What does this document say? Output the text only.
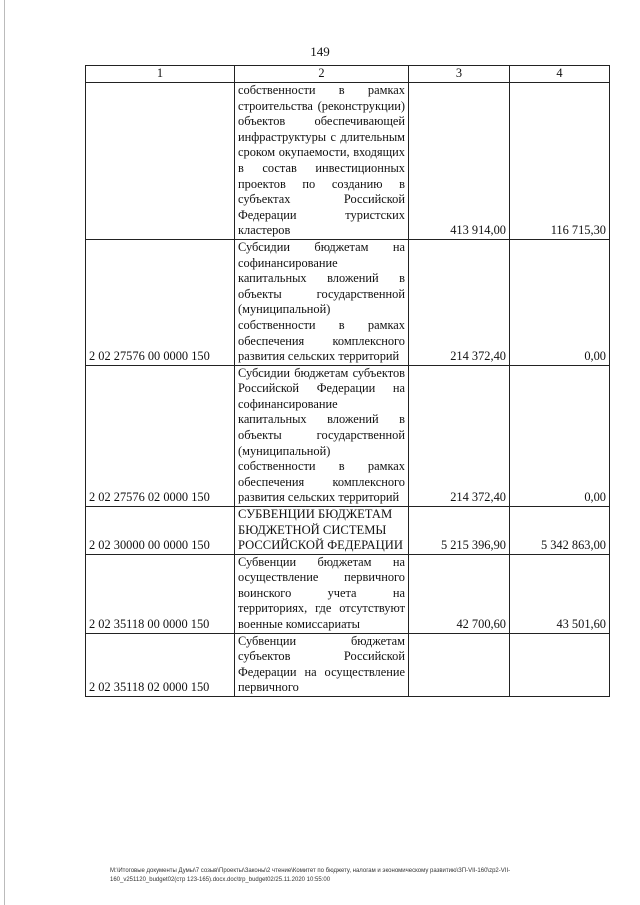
149
1	2	3	4
	собственности в рамках строительства (реконструкции) объектов обеспечивающей инфраструктуры с длительным сроком окупаемости, входящих в состав инвестиционных проектов по созданию в субъектах Российской Федерации туристских кластеров	413 914,00	116 715,30
2 02 27576 00 0000 150	Субсидии бюджетам на софинансирование капитальных вложений в объекты государственной (муниципальной) собственности в рамках обеспечения комплексного развития сельских территорий	214 372,40	0,00
2 02 27576 02 0000 150	Субсидии бюджетам субъектов Российской Федерации на софинансирование капитальных вложений в объекты государственной (муниципальной) собственности в рамках обеспечения комплексного развития сельских территорий	214 372,40	0,00
2 02 30000 00 0000 150	СУБВЕНЦИИ БЮДЖЕТАМ БЮДЖЕТНОЙ СИСТЕМЫ РОССИЙСКОЙ ФЕДЕРАЦИИ	5 215 396,90	5 342 863,00
2 02 35118 00 0000 150	Субвенции бюджетам на осуществление первичного воинского учета на территориях, где отсутствуют военные комиссариаты	42 700,60	43 501,60
2 02 35118 02 0000 150	Субвенции бюджетам субъектов Российской Федерации на осуществление первичного		
M:\Итоговые документы Думы\7 созыв\Проекты\Законы\2 чтение\Комитет по бюджету, налогам и экономическому развитию\ЗП-VII-160\zp2-VII-
160_v251120_budget02(стр 123-165).docx.doc\trp_budget02/25.11.2020 10:55:00
